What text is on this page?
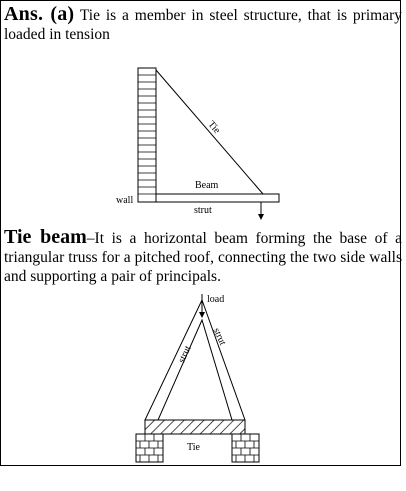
Ans. (a) Tie is a member in steel structure, that is primary loaded in tension

Tie beam–It is a horizontal beam forming the base of a triangular truss for a pitched roof, connecting the two side walls and supporting a pair of principals.

Tie
Beam
wall
strut
load
strut
strut
Tie
